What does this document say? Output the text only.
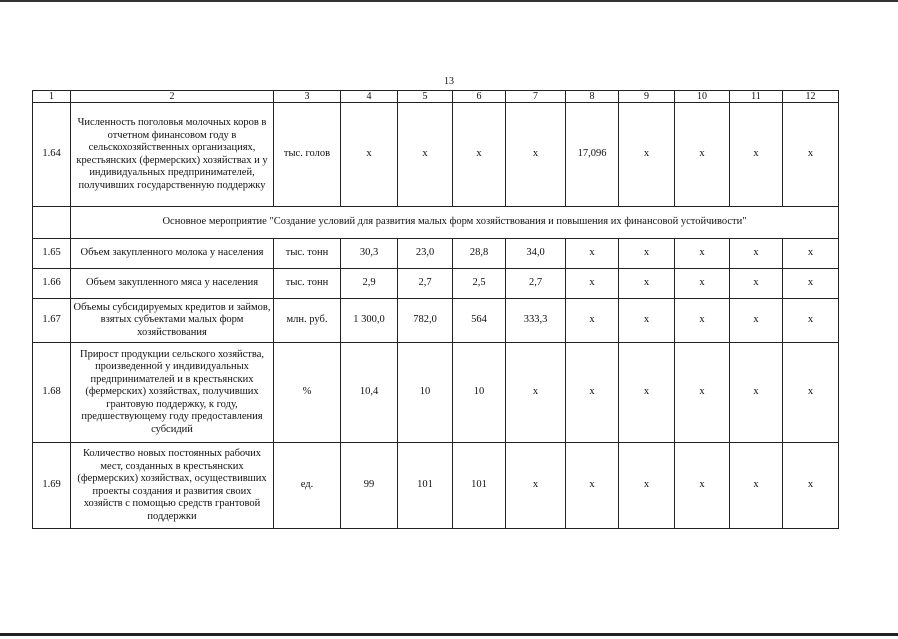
13
1	2	3	4	5	6	7	8	9	10	11	12
1.64	Численность поголовья молочных коров в отчетном финансовом году в сельскохозяйственных организациях, крестьянских (фермерских) хозяйствах и у индивидуальных предпринимателей, получивших государственную поддержку	тыс. голов	х	х	х	х	17,096	х	х	х	х
	Основное мероприятие "Создание условий для развития малых форм хозяйствования и повышения их финансовой устойчивости"										
1.65	Объем закупленного молока у населения	тыс. тонн	30,3	23,0	28,8	34,0	х	х	х	х	х
1.66	Объем закупленного мяса у населения	тыс. тонн	2,9	2,7	2,5	2,7	х	х	х	х	х
1.67	Объемы субсидируемых кредитов и займов, взятых субъектами малых форм хозяйствования	млн. руб.	1 300,0	782,0	564	333,3	х	х	х	х	х
1.68	Прирост продукции сельского хозяйства, произведенной у индивидуальных предпринимателей и в крестьянских (фермерских) хозяйствах, получивших грантовую поддержку, к году, предшествующему году предоставления субсидий	%	10,4	10	10	х	х	х	х	х	х
1.69	Количество новых постоянных рабочих мест, созданных в крестьянских (фермерских) хозяйствах, осуществивших проекты создания и развития своих хозяйств с помощью средств грантовой поддержки	ед.	99	101	101	х	х	х	х	х	х
